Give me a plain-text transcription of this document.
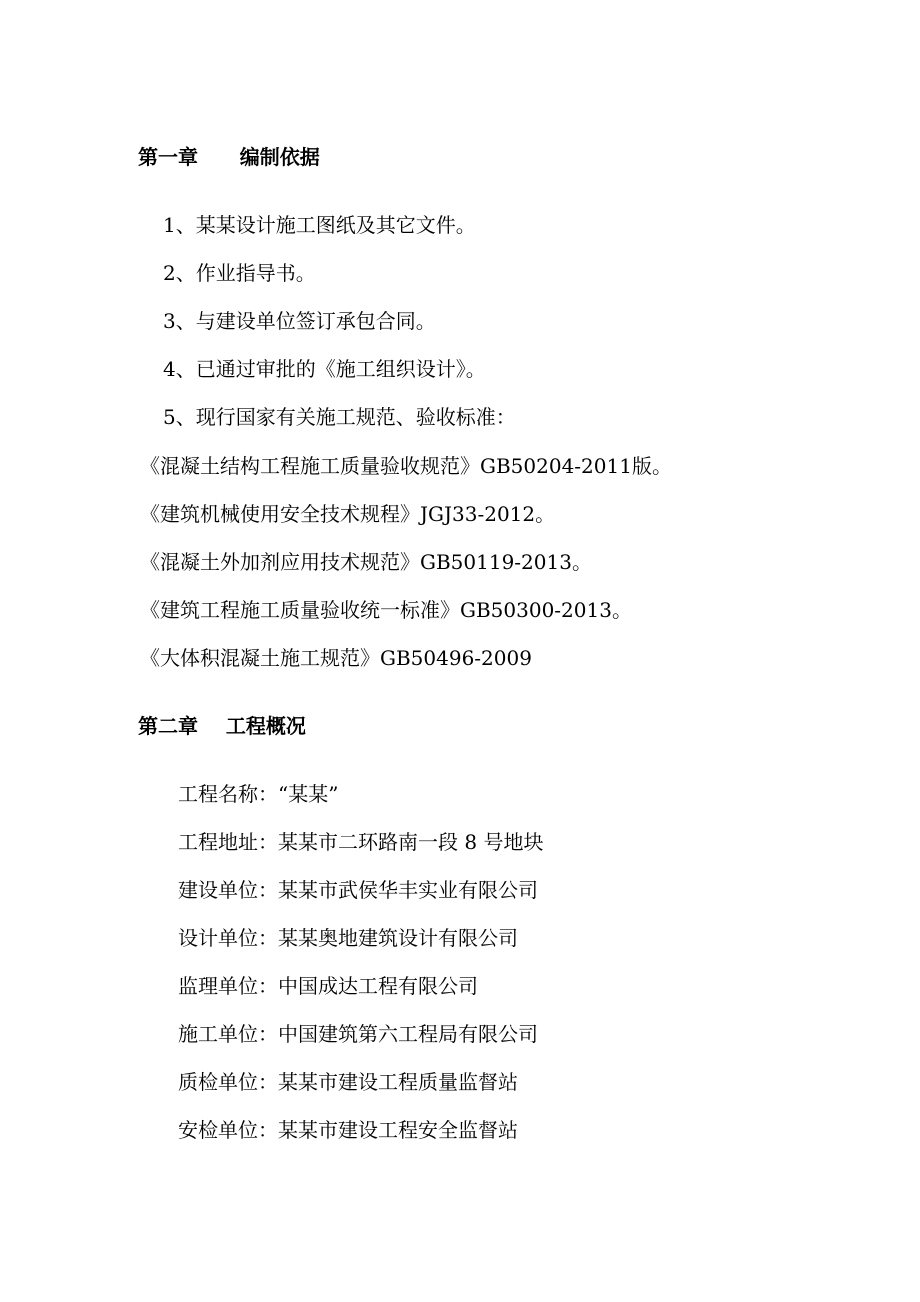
第一章      编制依据

1、某某设计施工图纸及其它文件。

2、作业指导书。

3、与建设单位签订承包合同。

4、已通过审批的《施工组织设计》。

5、现行国家有关施工规范、验收标准：

《混凝土结构工程施工质量验收规范》GB50204-2011版。

《建筑机械使用安全技术规程》JGJ33-2012。

《混凝土外加剂应用技术规范》GB50119-2013。

《建筑工程施工质量验收统一标准》GB50300-2013。

《大体积混凝土施工规范》GB50496-2009

第二章    工程概况

工程名称：“某某”

工程地址：某某市二环路南一段 8 号地块

建设单位：某某市武侯华丰实业有限公司

设计单位：某某奥地建筑设计有限公司

监理单位：中国成达工程有限公司

施工单位：中国建筑第六工程局有限公司

质检单位：某某市建设工程质量监督站

安检单位：某某市建设工程安全监督站
